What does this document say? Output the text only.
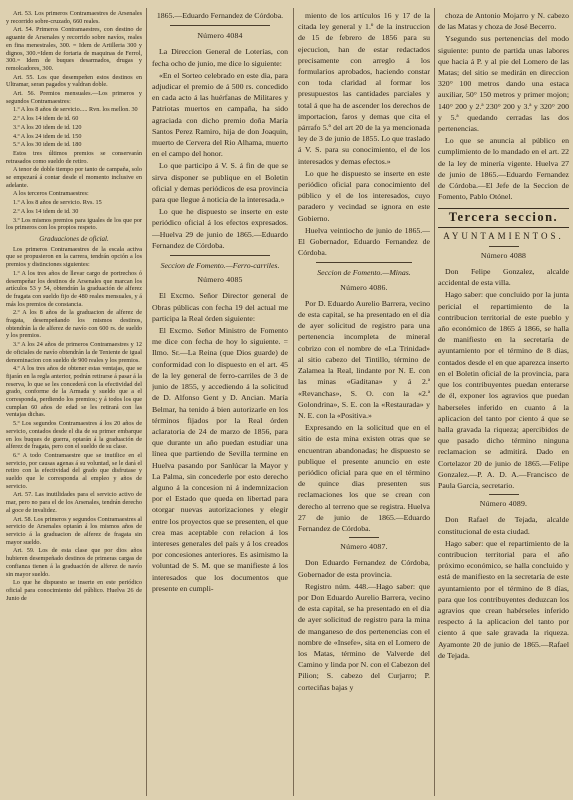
Art. 53. Los primeros Contramaestres de Arsenales y recorrido sobre-cruzado, 660 reales.

Art. 54. Primeros Contramaestres, con destino de aguante de Arsenales y recorrido sobre navíos, reales en fina menestrales, 300. = Idem de Artilleria 300 y dignos, 300.=Idem de fortaria de maquinas de Ferrol, 300.= Idem de buques desarmados, drugas y remolcadores, 300.

Art. 55. Los que desempeñen estos destinos en Ultramar, seran pagados y valdran doble.

Art. 56. Premios mensuales.—Los primeros y segundos Contramaestres:

1.º A los 8 años de servicio..... Rvn. los mellon. 30

2.º A los 14 idem de id. 60

3.º A los 20 idem de id. 120

4.º A los 24 idem de id. 150

5.º A los 30 idem de id. 180

Estos tres últimos premios se conservarán retrasados como sueldo de retiro.

A tenor de doble tiempo por tanto de campaña, solo se empezará á contar desde el momento inclusive en adelante.

A los terceros Contramaestres:

1.º A los 8 años de servicio. Rvs. 15

2.º A los 14 idem de id. 30

3.º Los mismos premios para iguales de los que por los primeros con los propios respeto.

Graduaciones de oficial.

Los primeros Contramaestres de la escala activa que se propusieron en la carrera, tendrán opción a los premios y distinciones siguientes:

1.º A los tres años de llevar cargo de portrechos ó desempeñar los destinos de Arsenales que marcan los artículos 53 y 54, obtendrán la graduación de alferez de fragata con sueldo fijo de 480 reales mensuales, y á más los premios de constancia.

2.º A los 8 años de la graduacion de alferez de fragata, desempeñando los mismos destinos, obtendrán la de alferez de navío con 600 rs. de sueldo y los premios.

3.º A los 24 años de primeros Contramaestres y 12 de oficiales de navío obtendrán la de Teniente de igual denominacion con sueldo de 900 reales y los premios.

4.º A los tres años de obtener estas ventajas, que se fijarán en la regla anterior, podrán retirarse á pasar á la reserva, lo que se les concederá con la efectividad del grado, conforme de la Armada y sueldo que a el corresponda, perdiendo los premios; y á todos los que cumplan 60 años de edad se les retirará con las ventajas dichas.

5.º Los segundos Contramaestres á los 20 años de servicio, contados desde el dia de su primer embarque en los buques de guerra, optarán á la graduación de alferez de fragata, pero con el sueldo de su clase.

6.º A todo Contramaestre que se inutilice en el servicio, por causas agenas á su voluntad, se le dará el retiro con la efectividad del grado que disfrutase y sueldo que le corresponda al empleo y años de servicio.

Art. 57. Las inutilidades para el servicio activo de mar, pero no para el de los Arsenales, tendrán derecho al goce de invalidez.

Art. 58. Los primeros y segundos Contramaestres al servicio de Arsenales optarán á los mismos años de servicio á la graduacion de alferez de fragata sin mayor sueldo.

Art. 59. Los de esta clase que por dios años hubieren desempeñado destinos de primeras cargas de confianza tienen á la graduación de alferez de navío sin mayor sueldo.

Lo que he dispuesto se inserte en este periódico oficial para conocimiento del público. Huelva 26 de Junio de

1865.—Eduardo Fernandez de Córdoba.

Número 4084

La Direccion General de Loterías, con fecha ocho de junio, me dice lo siguiente:

«En el Sorteo celebrado en este dia, para adjudicar el premio de á 500 rs. concedido en cada acto á las huérfanas de Militares y Patriotas muertos en campaña, ha sido agraciada con dicho premio doña María Santos Perez Ramiro, hija de don Joaquin, muerto de Cervera del Rio Alhama, muerto en el campo del honor.

Lo que participo á V. S. á fin de que se sirva disponer se publique en el Boletin oficial y demas periódicos de esa provincia para que llegue á noticia de la interesada.»

Lo que he dispuesto se inserte en este periódico oficial á los efectos expresados.—Huelva 29 de junio de 1865.—Eduardo Fernandez de Córdoba.

Seccion de Fomento.—Ferro-carriles.

Número 4085

El Excmo. Señor Director general de Obras públicas con fecha 19 del actual me participa la Real órden siguiente:

El Excmo. Señor Ministro de Fomento me dice con fecha de hoy lo siguiente. = Ilmo. Sr.—La Reina (que Dios guarde) de conformidad con lo dispuesto en el art. 45 de la ley general de ferro-carriles de 3 de junio de 1855, y accediendo á la solicitud de D. Alfonso Gent y D. Ancian. María Belmar, ha tenido á bien autorizarle en los términos fijados por la Real órden aclaratoria de 24 de marzo de 1856, para que durante un año puedan estudiar una línea que partiendo de Sevilla termine en Huelva pasando por Sanlúcar la Mayor y La Palma, sin concederle por esto derecho alguno á la concesion ni á indemnizacion por el Estado que queda en libertad para otorgar nuevas autorizaciones y elegir entre los proyectos que se presenten, el que crea mas aceptable con relacion á los intereses generales del país y á los creados por concesiones anteriores. Es asimismo la voluntad de S. M. que se manifieste á los interesados que los documentos que presente en cumpli-

miento de los artículos 16 y 17 de la citada ley general y 1.º de la instruccion de 15 de febrero de 1856 para su ejecucion, han de estar redactados precisamente con arreglo á los formularios aprobados, haciendo constar con toda claridad al formar los presupuestos las cantidades parciales y total á que ha de ascender los derechos de importacion, faros y demas que cita el párrafo 5.º del art 20 de la ya mencionada ley de 3 de junio de 1855. Lo que traslado á V. S. para su conocimiento, el de los interesados y demas efectos.»

Lo que he dispuesto se inserte en este periódico oficial para conocimiento del público y el de los interesados, cuyo paradero y vecindad se ignora en este Gobierno.

Huelva veintiocho de junio de 1865.—El Gobernador, Eduardo Fernandez de Córdoba.

Seccion de Fomento.—Minas.

Número 4086.

Por D. Eduardo Aurelio Barrera, vecino de esta capital, se ha presentado en el dia de ayer solicitud de registro para una pertenencia incompleta de mineral cobrizo con el nombre de «La Trinidad» al sitio cabezo del Tintillo, término de Zalamea la Real, lindante por N. E. con las minas «Gaditana» y á 2.ª «Revanchas», S. O. con la «2.ª Golondrina», S. E. con la «Restaurada» y N. E. con la «Positiva.»

Expresando en la solicitud que en el sitio de esta mina existen otras que se encuentran abandonadas; he dispuesto se publique el presente anuncio en este periódico oficial para que en el término de quince dias presenten sus reclamaciones los que se crean con derecho al terreno que se registra. Huelva 27 de junio de 1865.—Eduardo Fernandez de Córdoba.

Número 4087.

Don Eduardo Fernandez de Córdoba, Gobernador de esta provincia.

Registro núm. 448.—Hago saber: que por Don Eduardo Aurelio Barrera, vecino de esta capital, se ha presentado en el dia de ayer solicitud de registro para la mina de manganeso de dos pertenencias con el nombre de «Insefe», sita en el Lomero de los Matas, término de Valverde del Camino y linda por N. con el Cabezon del Pilion; S. cabezo del Curjarro; P. corteciñas bajas y

choza de Antonio Mojarro y N. cabezo de las Matas y choza de José Becerro.

Ysegundo sus pertenencias del modo siguiente: punto de partida unas labores que hacia á P. y al pie del Lomero de las Matas; del sitio se medirán en direccion 320° 100 metros dando una estaca auxiliar, 50° 150 metros y primer mojon; 140° 200 y 2.ª 230° 200 y 3.ª y 320° 200 y 5.ª quedando cerradas las dos pertenencias.

Lo que se anuncia al público en cumplimiento de lo mandado en el art. 22 de la ley de minería vigente. Huelva 27 de junio de 1865.—Eduardo Fernandez de Córdoba.—El Jefe de la Seccion de Fomento, Pablo Otónel.

Tercera seccion.

AYUNTAMIENTOS.

Número 4088

Don Felipe Gonzalez, alcalde accidental de esta villa.

Hago saber: que concluido por la junta pericial el repartimiento de la contribucion territorial de este pueblo y año económico de 1865 á 1866, se halla de manifiesto en la secretaría de ayuntamiento por el término de 8 dias, contados desde el en que aparezca inserto en el Boletin oficial de la provincia, para que los contribuyentes puedan enterarse de él, exponer los agravios que puedan haberseles inferido en cuanto á la aplicacion del tanto por ciento á que se halla gravada la riqueza; apercibidos de que pasado dicho término ninguna reclamacion se admitirá. Dado en Cortelazor 20 de junio de 1865.—Felipe Gonzalez.—P. A. D. A.—Francisco de Paula Garcia, secretario.

Número 4089.

Don Rafael de Tejada, alcalde constitucional de esta ciudad.

Hago saber: que el repartimiento de la contribucion territorial para el año próximo económico, se halla concluido y está de manifiesto en la secretaría de este ayuntamiento por el término de 8 días, para que los contribuyentes deduzcan los agravios que crean habérseles inferido respecto á la aplicacion del tanto por ciento á que sale gravada la riqueza. Ayamonte 20 de junio de 1865.—Rafael de Tejada.
